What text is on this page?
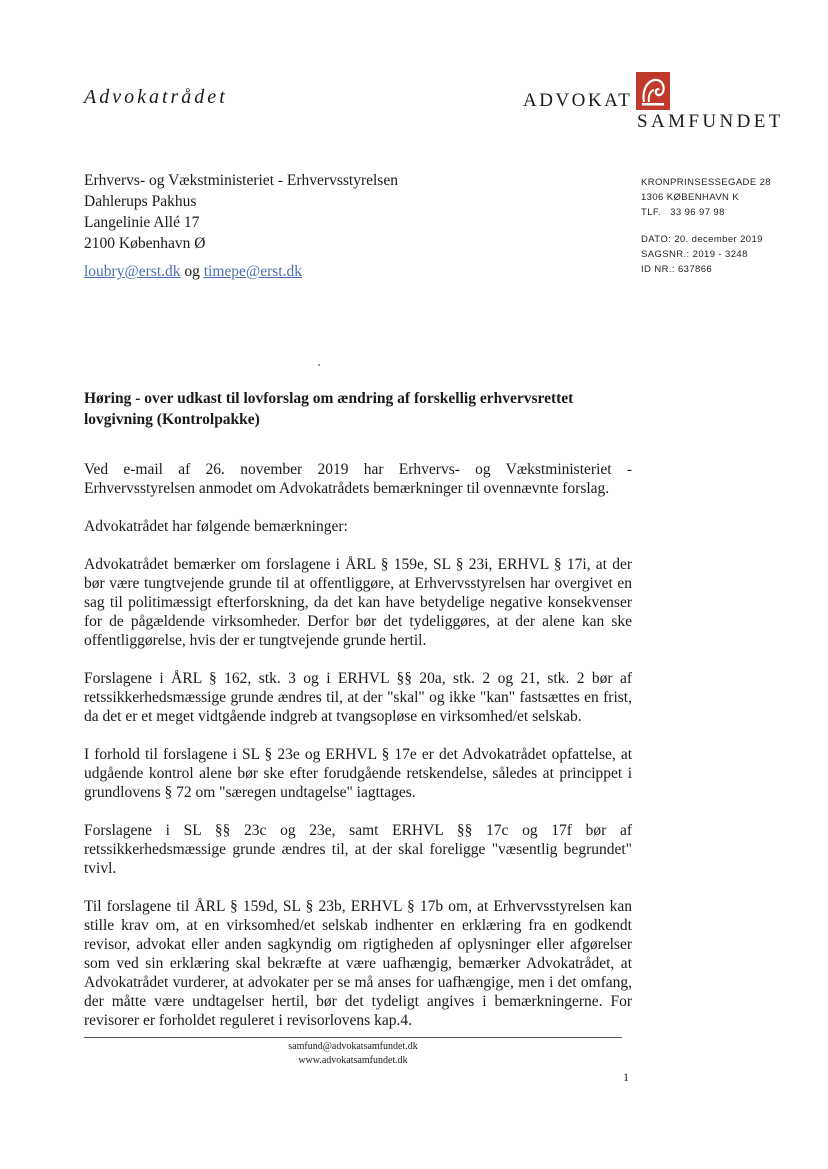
Advokatrådet	ADVOKAT
SAMFUNDET
Erhvervs- og Vækstministeriet - Erhvervsstyrelsen
Dahlerups Pakhus
Langelinie Allé 17
2100 København Ø
loubry@erst.dk og timepe@erst.dk
KRONPRINSESSEGADE 28
1306 KØBENHAVN K
TLF.   33 96 97 98
DATO: 20. december 2019
SAGSNR.: 2019 - 3248
ID NR.: 637866
Høring - over udkast til lovforslag om ændring af forskellig erhvervsrettet lovgivning (Kontrolpakke)

Ved e-mail af 26. november 2019 har Erhvervs- og Vækstministeriet - Erhvervsstyrelsen anmodet om Advokatrådets bemærkninger til ovennævnte forslag.

Advokatrådet har følgende bemærkninger:

Advokatrådet bemærker om forslagene i ÅRL § 159e, SL § 23i, ERHVL § 17i, at der bør være tungtvejende grunde til at offentliggøre, at Erhvervsstyrelsen har overgivet en sag til politimæssigt efterforskning, da det kan have betydelige negative konsekvenser for de pågældende virksomheder. Derfor bør det tydeliggøres, at der alene kan ske offentliggørelse, hvis der er tungtvejende grunde hertil.

Forslagene i ÅRL § 162, stk. 3 og i ERHVL §§ 20a, stk. 2 og 21, stk. 2 bør af retssikkerhedsmæssige grunde ændres til, at der "skal" og ikke "kan" fastsættes en frist, da det er et meget vidtgående indgreb at tvangsopløse en virksomhed/et selskab.

I forhold til forslagene i SL § 23e og ERHVL § 17e er det Advokatrådet opfattelse, at udgående kontrol alene bør ske efter forudgående retskendelse, således at princippet i grundlovens § 72 om "særegen undtagelse" iagttages.

Forslagene i SL §§ 23c og 23e, samt ERHVL §§ 17c og 17f bør af retssikkerhedsmæssige grunde ændres til, at der skal foreligge "væsentlig begrundet" tvivl.

Til forslagene til ÅRL § 159d, SL § 23b, ERHVL § 17b om, at Erhvervsstyrelsen kan stille krav om, at en virksomhed/et selskab indhenter en erklæring fra en godkendt revisor, advokat eller anden sagkyndig om rigtigheden af oplysninger eller afgørelser som ved sin erklæring skal bekræfte at være uafhængig, bemærker Advokatrådet, at Advokatrådet vurderer, at advokater per se må anses for uafhængige, men i det omfang, der måtte være undtagelser hertil, bør det tydeligt angives i bemærkningerne. For revisorer er forholdet reguleret i revisorlovens kap.4.

samfund@advokatsamfundet.dk
www.advokatsamfundet.dk
1
